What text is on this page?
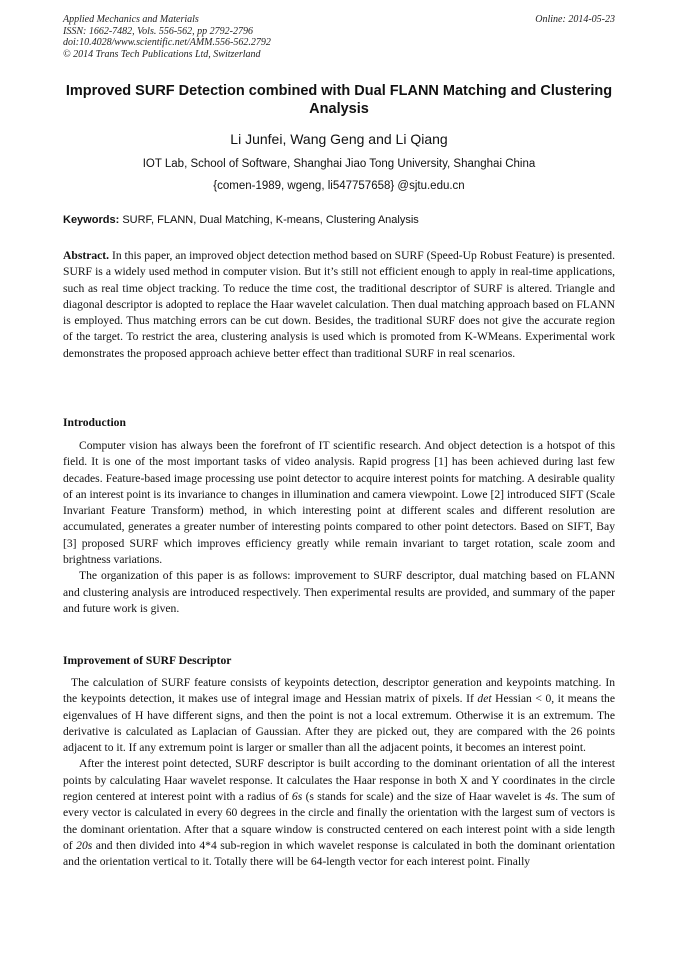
Applied Mechanics and Materials
ISSN: 1662-7482, Vols. 556-562, pp 2792-2796
doi:10.4028/www.scientific.net/AMM.556-562.2792
© 2014 Trans Tech Publications Ltd, Switzerland
Online: 2014-05-23
Improved SURF Detection combined with Dual FLANN Matching and Clustering Analysis
Li Junfei, Wang Geng and Li Qiang
IOT Lab, School of Software, Shanghai Jiao Tong University, Shanghai China
{comen-1989, wgeng, li547757658} @sjtu.edu.cn
Keywords: SURF, FLANN, Dual Matching, K-means, Clustering Analysis
Abstract. In this paper, an improved object detection method based on SURF (Speed-Up Robust Feature) is presented. SURF is a widely used method in computer vision. But it’s still not efficient enough to apply in real-time applications, such as real time object tracking. To reduce the time cost, the traditional descriptor of SURF is altered. Triangle and diagonal descriptor is adopted to replace the Haar wavelet calculation. Then dual matching approach based on FLANN is employed. Thus matching errors can be cut down. Besides, the traditional SURF does not give the accurate region of the target. To restrict the area, clustering analysis is used which is promoted from K-WMeans. Experimental work demonstrates the proposed approach achieve better effect than traditional SURF in real scenarios.
Introduction

Computer vision has always been the forefront of IT scientific research. And object detection is a hotspot of this field. It is one of the most important tasks of video analysis. Rapid progress [1] has been achieved during last few decades. Feature-based image processing use point detector to acquire interest points for matching. A desirable quality of an interest point is its invariance to changes in illumination and camera viewpoint. Lowe [2] introduced SIFT (Scale Invariant Feature Transform) method, in which interesting point at different scales and different resolution are accumulated, generates a greater number of interesting points compared to other point detectors. Based on SIFT, Bay [3] proposed SURF which improves efficiency greatly while remain invariant to target rotation, scale zoom and brightness variations.

The organization of this paper is as follows: improvement to SURF descriptor, dual matching based on FLANN and clustering analysis are introduced respectively. Then experimental results are provided, and summary of the paper and future work is given.

Improvement of SURF Descriptor

The calculation of SURF feature consists of keypoints detection, descriptor generation and keypoints matching. In the keypoints detection, it makes use of integral image and Hessian matrix of pixels. If det Hessian < 0, it means the eigenvalues of H have different signs, and then the point is not a local extremum. Otherwise it is an extremum. The derivative is calculated as Laplacian of Gaussian. After they are picked out, they are compared with the 26 points adjacent to it. If any extremum point is larger or smaller than all the adjacent points, it becomes an interest point.

After the interest point detected, SURF descriptor is built according to the dominant orientation of all the interest points by calculating Haar wavelet response. It calculates the Haar response in both X and Y coordinates in the circle region centered at interest point with a radius of 6s (s stands for scale) and the size of Haar wavelet is 4s. The sum of every vector is calculated in every 60 degrees in the circle and finally the orientation with the largest sum of vectors is the dominant orientation. After that a square window is constructed centered on each interest point with a side length of 20s and then divided into 4*4 sub-region in which wavelet response is calculated in both the dominant orientation and the orientation vertical to it. Totally there will be 64-length vector for each interest point. Finally
